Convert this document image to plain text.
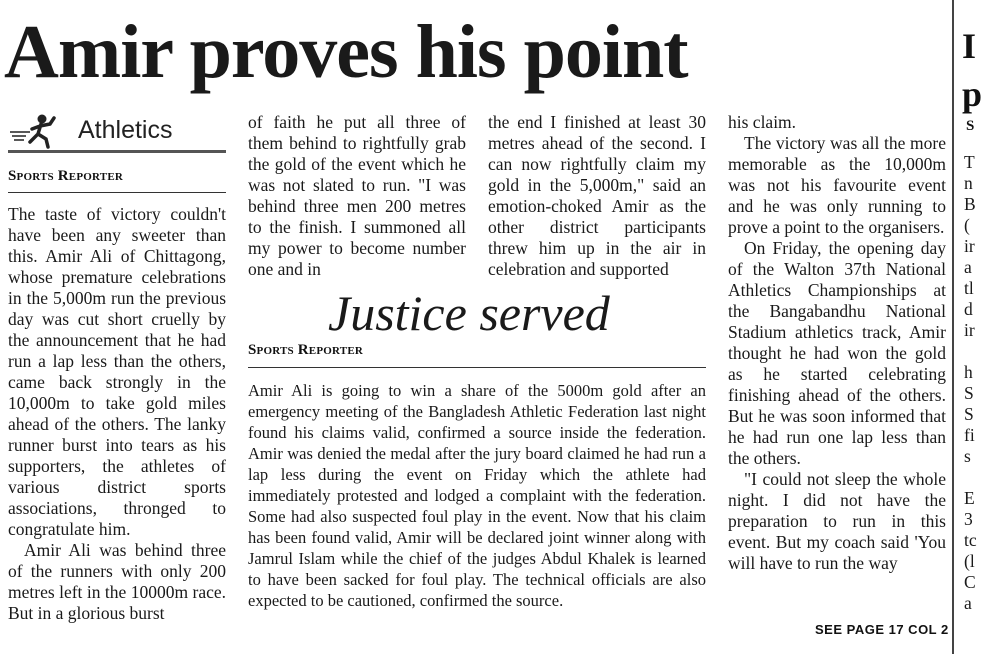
Amir proves his point
Athletics
Sports Reporter

The taste of victory couldn't have been any sweeter than this. Amir Ali of Chittagong, whose premature celebrations in the 5,000m run the previous day was cut short cruelly by the announcement that he had run a lap less than the others, came back strongly in the 10,000m to take gold miles ahead of the others. The lanky runner burst into tears as his supporters, the athletes of various district sports associations, thronged to congratulate him.

Amir Ali was behind three of the runners with only 200 metres left in the 10000m race. But in a glorious burst

of faith he put all three of them behind to rightfully grab the gold of the event which he was not slated to run. "I was behind three men 200 metres to the finish. I summoned all my power to become number one and in

the end I finished at least 30 metres ahead of the second. I can now rightfully claim my gold in the 5,000m," said an emotion-choked Amir as the other district participants threw him up in the air in celebration and supported

Justice served
Sports Reporter

Amir Ali is going to win a share of the 5000m gold after an emergency meeting of the Bangladesh Athletic Federation last night found his claims valid, confirmed a source inside the federation. Amir was denied the medal after the jury board claimed he had run a lap less during the event on Friday which the athlete had immediately protested and lodged a complaint with the federation. Some had also suspected foul play in the event. Now that his claim has been found valid, Amir will be declared joint winner along with Jamrul Islam while the chief of the judges Abdul Khalek is learned to have been sacked for foul play. The technical officials are also expected to be cautioned, confirmed the source.

his claim.

The victory was all the more memorable as the 10,000m was not his favourite event and he was only running to prove a point to the organisers.

On Friday, the opening day of the Walton 37th National Athletics Championships at the Bangabandhu National Stadium athletics track, Amir thought he had won the gold as he started celebrating finishing ahead of the others. But he was soon informed that he had run one lap less than the others.

"I could not sleep the whole night. I did not have the preparation to run in this event. But my coach said 'You will have to run the way

SEE PAGE 17 COL 2
I
p
S
T
n
B
(
ir
a
tl
d
ir
h
S
S
fi
s
E
3
tc
(l
C
a
